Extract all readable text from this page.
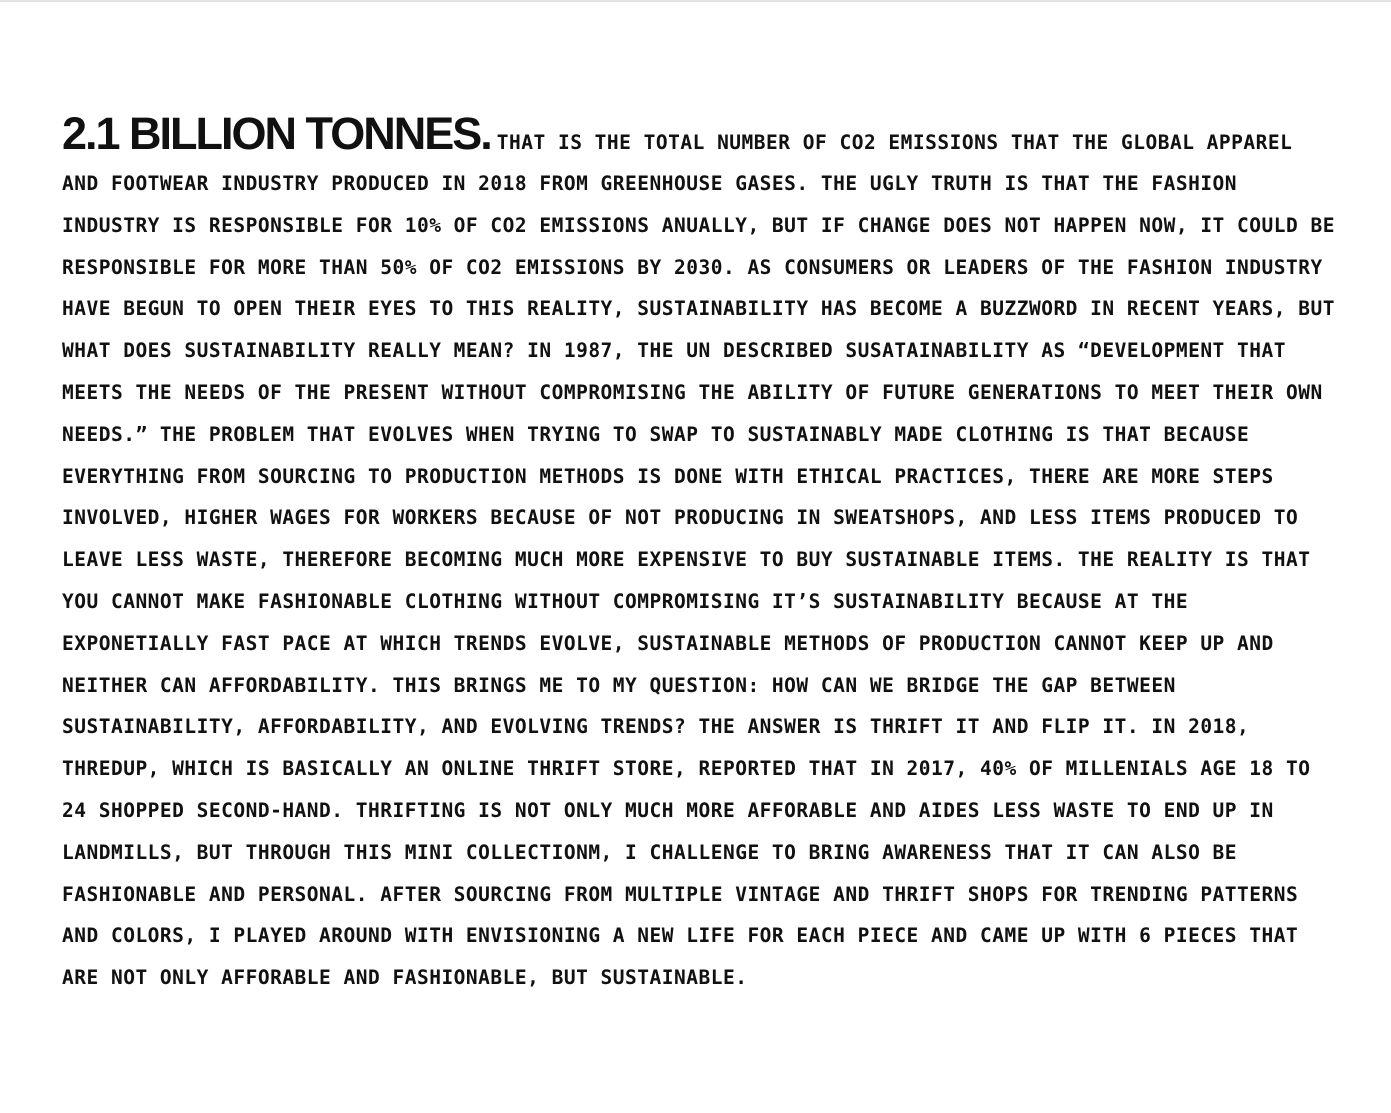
2.1 BILLION TONNES. THAT IS THE TOTAL NUMBER OF CO2 EMISSIONS THAT THE GLOBAL APPAREL
AND FOOTWEAR INDUSTRY PRODUCED IN 2018 FROM GREENHOUSE GASES. THE UGLY TRUTH IS THAT THE FASHION
INDUSTRY IS RESPONSIBLE FOR 10% OF CO2 EMISSIONS ANUALLY, BUT IF CHANGE DOES NOT HAPPEN NOW, IT COULD BE
RESPONSIBLE FOR MORE THAN 50% OF CO2 EMISSIONS BY 2030. AS CONSUMERS OR LEADERS OF THE FASHION INDUSTRY
HAVE BEGUN TO OPEN THEIR EYES TO THIS REALITY, SUSTAINABILITY HAS BECOME A BUZZWORD IN RECENT YEARS, BUT
WHAT DOES SUSTAINABILITY REALLY MEAN? IN 1987, THE UN DESCRIBED SUSATAINABILITY AS “DEVELOPMENT THAT
MEETS THE NEEDS OF THE PRESENT WITHOUT COMPROMISING THE ABILITY OF FUTURE GENERATIONS TO MEET THEIR OWN
NEEDS.” THE PROBLEM THAT EVOLVES WHEN TRYING TO SWAP TO SUSTAINABLY MADE CLOTHING IS THAT BECAUSE
EVERYTHING FROM SOURCING TO PRODUCTION METHODS IS DONE WITH ETHICAL PRACTICES, THERE ARE MORE STEPS
INVOLVED, HIGHER WAGES FOR WORKERS BECAUSE OF NOT PRODUCING IN SWEATSHOPS, AND LESS ITEMS PRODUCED TO
LEAVE LESS WASTE, THEREFORE BECOMING MUCH MORE EXPENSIVE TO BUY SUSTAINABLE ITEMS. THE REALITY IS THAT
YOU CANNOT MAKE FASHIONABLE CLOTHING WITHOUT COMPROMISING IT’S SUSTAINABILITY BECAUSE AT THE
EXPONETIALLY FAST PACE AT WHICH TRENDS EVOLVE, SUSTAINABLE METHODS OF PRODUCTION CANNOT KEEP UP AND
NEITHER CAN AFFORDABILITY. THIS BRINGS ME TO MY QUESTION: HOW CAN WE BRIDGE THE GAP BETWEEN
SUSTAINABILITY, AFFORDABILITY, AND EVOLVING TRENDS? THE ANSWER IS THRIFT IT AND FLIP IT. IN 2018,
THREDUP, WHICH IS BASICALLY AN ONLINE THRIFT STORE, REPORTED THAT IN 2017, 40% OF MILLENIALS AGE 18 TO
24 SHOPPED SECOND-HAND. THRIFTING IS NOT ONLY MUCH MORE AFFORABLE AND AIDES LESS WASTE TO END UP IN
LANDMILLS, BUT THROUGH THIS MINI COLLECTIONM, I CHALLENGE TO BRING AWARENESS THAT IT CAN ALSO BE
FASHIONABLE AND PERSONAL. AFTER SOURCING FROM MULTIPLE VINTAGE AND THRIFT SHOPS FOR TRENDING PATTERNS
AND COLORS, I PLAYED AROUND WITH ENVISIONING A NEW LIFE FOR EACH PIECE AND CAME UP WITH 6 PIECES THAT
ARE NOT ONLY AFFORABLE AND FASHIONABLE, BUT SUSTAINABLE.
